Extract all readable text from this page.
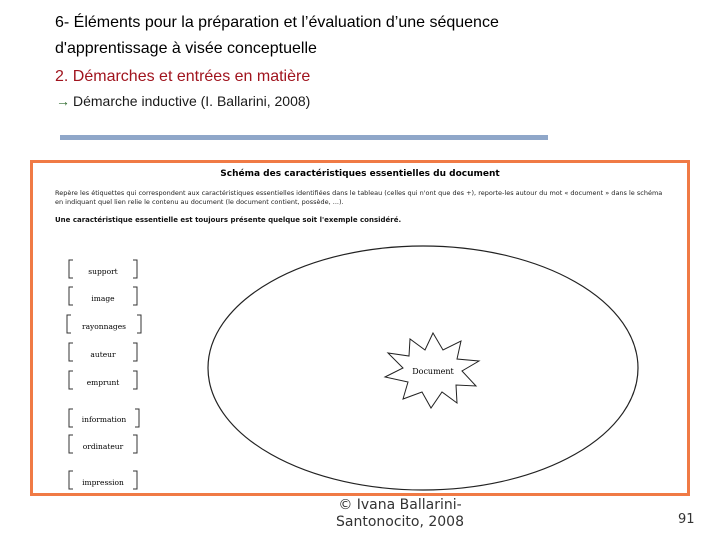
6- Éléments pour la préparation et l’évaluation d’une séquence
d'apprentissage à visée conceptuelle
2. Démarches et entrées en matière
→ Démarche inductive (I. Ballarini, 2008)
Schéma des caractéristiques essentielles du document
Repère les étiquettes qui correspondent aux caractéristiques essentielles identifiées dans le tableau (celles qui n'ont que des +), reporte-les autour du mot « document » dans le schéma en indiquant quel lien relie le contenu au document (le document contient, possède, ...).
Une caractéristique essentielle est toujours présente quelque soit l'exemple considéré.
support
image
rayonnages
auteur
emprunt
information
ordinateur
impression
Document
© Ivana Ballarini-
Santonocito, 2008	91
